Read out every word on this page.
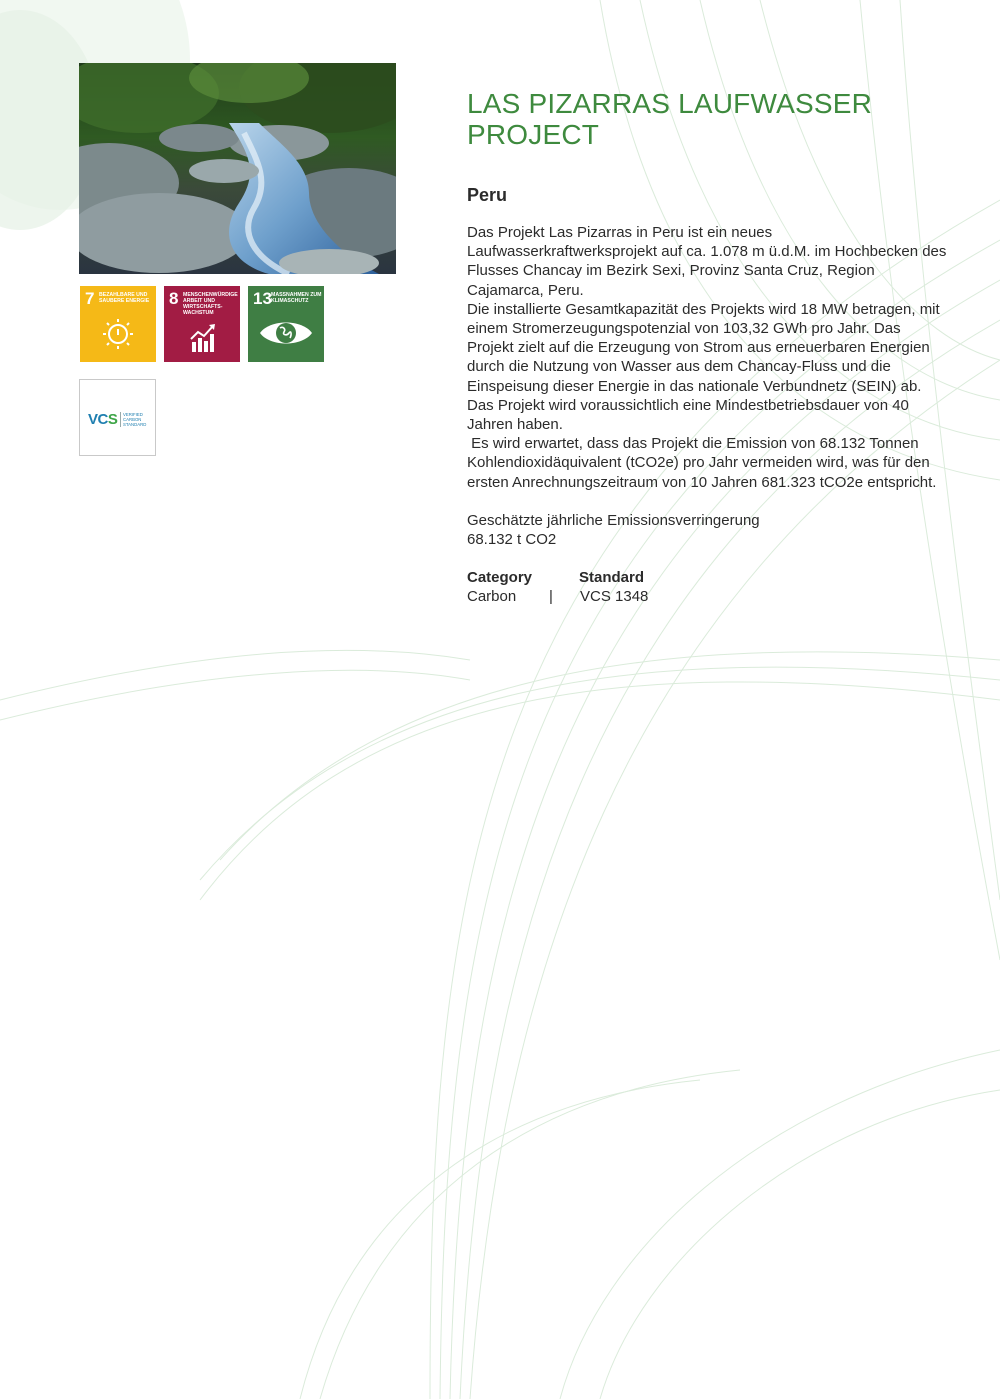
7 BEZAHLBARE UND SAUBERE ENERGIE	8 MENSCHENWÜRDIGE ARBEIT UND WIRTSCHAFTS-WACHSTUM
13 MASSNAHMEN ZUM KLIMASCHUTZ
VCS VERIFIED
CARBON
STANDARD
LAS PIZARRAS LAUFWASSER PROJECT
Peru

Das Projekt Las Pizarras in Peru ist ein neues Laufwasserkraftwerksprojekt auf ca. 1.078 m ü.d.M. im Hochbecken des Flusses Chancay im Bezirk Sexi, Provinz Santa Cruz, Region Cajamarca, Peru.

Die installierte Gesamtkapazität des Projekts wird 18 MW betragen, mit einem Stromerzeugungspotenzial von 103,32 GWh pro Jahr. Das Projekt zielt auf die Erzeugung von Strom aus erneuerbaren Energien durch die Nutzung von Wasser aus dem Chancay-Fluss und die Einspeisung dieser Energie in das nationale Verbundnetz (SEIN) ab. Das Projekt wird voraussichtlich eine Mindestbetriebsdauer von 40 Jahren haben.

Es wird erwartet, dass das Projekt die Emission von 68.132 Tonnen Kohlendioxidäquivalent (tCO2e) pro Jahr vermeiden wird, was für den ersten Anrechnungszeitraum von 10 Jahren 681.323 tCO2e entspricht.

Geschätzte jährliche Emissionsverringerung
68.132 t CO2
Category	Standard
Carbon | VCS 1348
